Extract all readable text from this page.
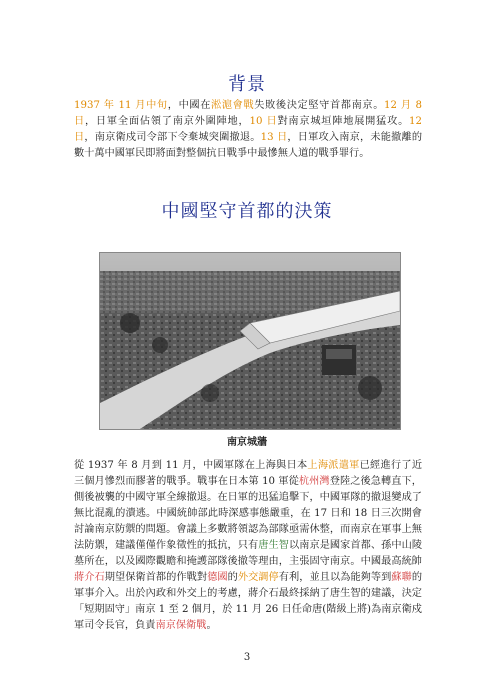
背景
1937 年 11 月中旬，中國在淞滬會戰失敗後決定堅守首都南京。12 月 8 日，日軍全面佔領了南京外圍陣地，10 日對南京城垣陣地展開猛攻。12 日，南京衛戍司令部下令棄城突圍撤退。13 日，日軍攻入南京，未能撤離的數十萬中國軍民即將面對整個抗日戰爭中最慘無人道的戰爭罪行。
中國堅守首都的決策
南京城牆
從 1937 年 8 月到 11 月，中國軍隊在上海與日本上海派遣軍已經進行了近三個月慘烈而膠著的戰爭。戰事在日本第 10 軍從杭州灣登陸之後急轉直下，側後被襲的中國守軍全線撤退。在日軍的迅猛追擊下，中國軍隊的撤退變成了無比混亂的潰逃。中國統帥部此時深感事態嚴重，在 17 日和 18 日三次開會討論南京防禦的問題。會議上多數將領認為部隊亟需休整，而南京在軍事上無法防禦，建議僅僅作象徵性的抵抗，只有唐生智以南京是國家首都、孫中山陵墓所在，以及國際觀瞻和掩護部隊後撤等理由，主張固守南京。中國最高統帥蔣介石期望保衛首都的作戰對德國的外交調停有利，並且以為能夠等到蘇聯的軍事介入。出於內政和外交上的考慮，蔣介石最終採納了唐生智的建議，決定「短期固守」南京 1 至 2 個月，於 11 月 26 日任命唐(階級上將)為南京衛戍軍司令長官，負責南京保衛戰。
3
